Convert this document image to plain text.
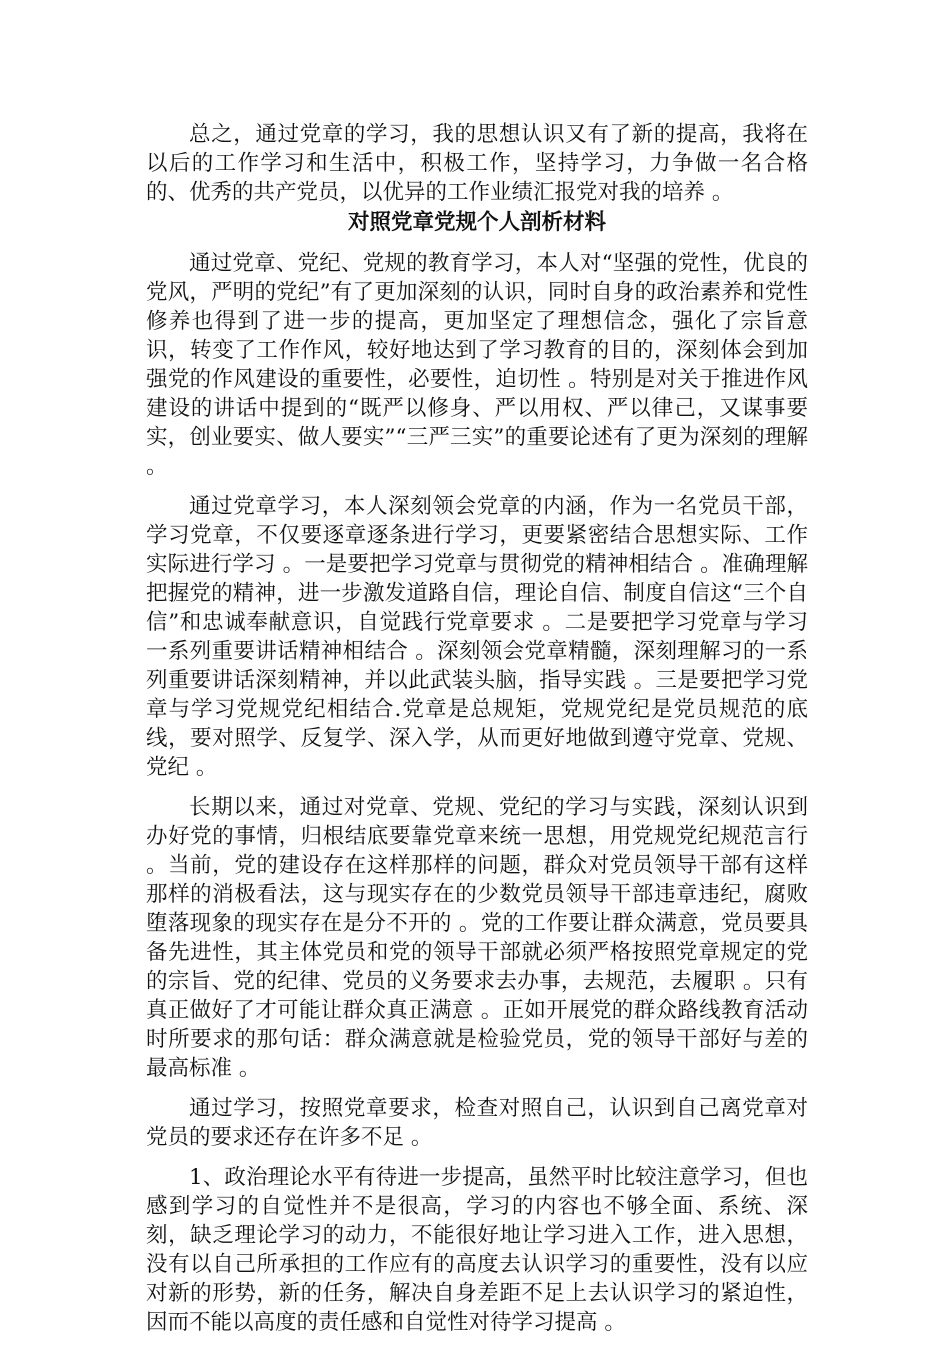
总之，通过党章的学习，我的思想认识又有了新的提高，我将在以后的工作学习和生活中，积极工作，坚持学习，力争做一名合格的、优秀的共产党员，以优异的工作业绩汇报党对我的培养 。

对照党章党规个人剖析材料

通过党章、党纪、党规的教育学习，本人对“坚强的党性，优良的党风，严明的党纪”有了更加深刻的认识，同时自身的政治素养和党性修养也得到了进一步的提高，更加坚定了理想信念，强化了宗旨意识，转变了工作作风，较好地达到了学习教育的目的，深刻体会到加强党的作风建设的重要性，必要性，迫切性 。特别是对关于推进作风建设的讲话中提到的“既严以修身、严以用权、严以律己，又谋事要实，创业要实、做人要实”“三严三实”的重要论述有了更为深刻的理解 。

通过党章学习，本人深刻领会党章的内涵，作为一名党员干部，学习党章，不仅要逐章逐条进行学习，更要紧密结合思想实际、工作实际进行学习 。一是要把学习党章与贯彻党的精神相结合 。准确理解把握党的精神，进一步激发道路自信，理论自信、制度自信这“三个自信”和忠诚奉献意识，自觉践行党章要求 。二是要把学习党章与学习一系列重要讲话精神相结合 。深刻领会党章精髓，深刻理解习的一系列重要讲话深刻精神，并以此武装头脑，指导实践 。三是要把学习党章与学习党规党纪相结合.党章是总规矩，党规党纪是党员规范的底线，要对照学、反复学、深入学，从而更好地做到遵守党章、党规、党纪 。

长期以来，通过对党章、党规、党纪的学习与实践，深刻认识到办好党的事情，归根结底要靠党章来统一思想，用党规党纪规范言行 。当前，党的建设存在这样那样的问题，群众对党员领导干部有这样那样的消极看法，这与现实存在的少数党员领导干部违章违纪，腐败堕落现象的现实存在是分不开的 。党的工作要让群众满意，党员要具备先进性，其主体党员和党的领导干部就必须严格按照党章规定的党的宗旨、党的纪律、党员的义务要求去办事，去规范，去履职 。只有真正做好了才可能让群众真正满意 。正如开展党的群众路线教育活动时所要求的那句话：群众满意就是检验党员，党的领导干部好与差的最高标准 。

通过学习，按照党章要求，检查对照自己，认识到自己离党章对党员的要求还存在许多不足 。

1、政治理论水平有待进一步提高，虽然平时比较注意学习，但也感到学习的自觉性并不是很高，学习的内容也不够全面、系统、深刻，缺乏理论学习的动力，不能很好地让学习进入工作，进入思想，没有以自己所承担的工作应有的高度去认识学习的重要性，没有以应对新的形势，新的任务，解决自身差距不足上去认识学习的紧迫性，因而不能以高度的责任感和自觉性对待学习提高 。
